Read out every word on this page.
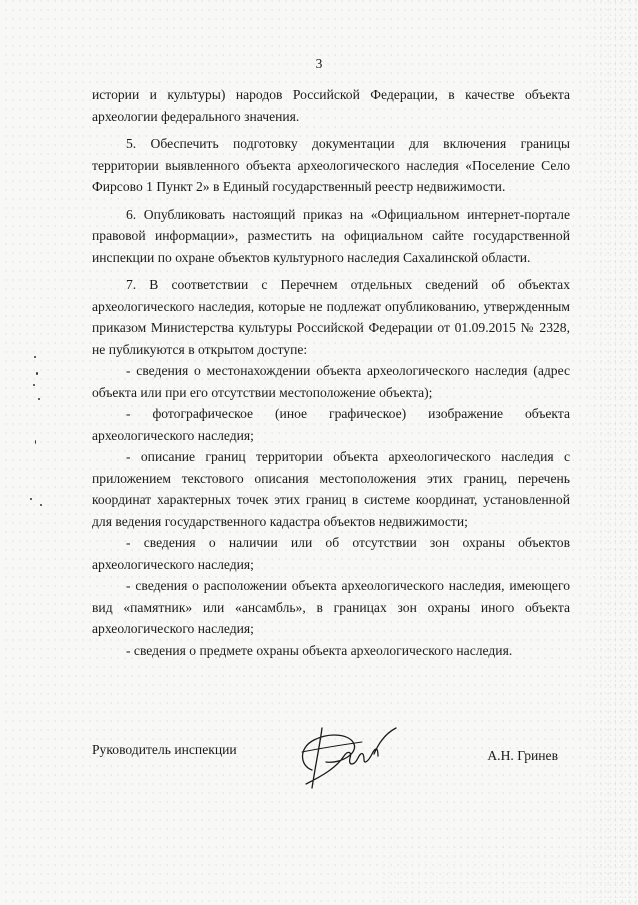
3

истории и культуры) народов Российской Федерации, в качестве объекта археологии федерального значения.

5. Обеспечить подготовку документации для включения границы территории выявленного объекта археологического наследия «Поселение Село Фирсово 1 Пункт 2» в Единый государственный реестр недвижимости.

6. Опубликовать настоящий приказ на «Официальном интернет-портале правовой информации», разместить на официальном сайте государственной инспекции по охране объектов культурного наследия Сахалинской области.

7. В соответствии с Перечнем отдельных сведений об объектах археологического наследия, которые не подлежат опубликованию, утвержденным приказом Министерства культуры Российской Федерации от 01.09.2015 № 2328, не публикуются в открытом доступе:

- сведения о местонахождении объекта археологического наследия (адрес объекта или при его отсутствии местоположение объекта);

- фотографическое (иное графическое) изображение объекта археологического наследия;

- описание границ территории объекта археологического наследия с приложением текстового описания местоположения этих границ, перечень координат характерных точек этих границ в системе координат, установленной для ведения государственного кадастра объектов недвижимости;

- сведения о наличии или об отсутствии зон охраны объектов археологического наследия;

- сведения о расположении объекта археологического наследия, имеющего вид «памятник» или «ансамбль», в границах зон охраны иного объекта археологического наследия;

- сведения о предмете охраны объекта археологического наследия.

Руководитель инспекции	А.Н. Гринев
